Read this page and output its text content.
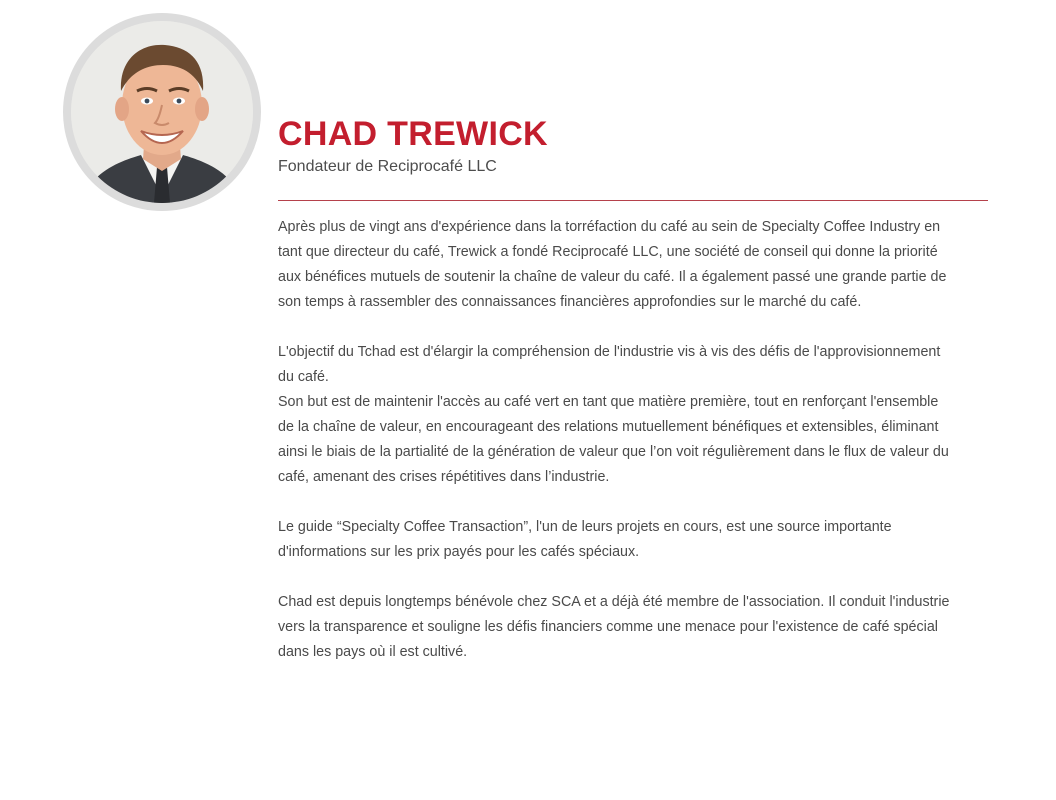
CHAD TREWICK

Fondateur de Reciprocafé LLC

Après plus de vingt ans d'expérience dans la torréfaction du café au sein de Specialty Coffee Industry en tant que directeur du café, Trewick a fondé Reciprocafé LLC, une société de conseil qui donne la priorité aux bénéfices mutuels de soutenir la chaîne de valeur du café. Il a également passé une grande partie de son temps à rassembler des connaissances financières approfondies sur le marché du café.

L'objectif du Tchad est d'élargir la compréhension de l'industrie vis à vis des défis de l'approvisionnement du café.

Son but est de maintenir l'accès au café vert en tant que matière première, tout en renforçant l'ensemble de la chaîne de valeur, en encourageant des relations mutuellement bénéfiques et extensibles, éliminant ainsi le biais de la partialité de la génération de valeur que l’on voit régulièrement dans le flux de valeur du café, amenant des crises répétitives dans l’industrie.

Le guide “Specialty Coffee Transaction”, l'un de leurs projets en cours, est une source importante d'informations sur les prix payés pour les cafés spéciaux.

Chad est depuis longtemps bénévole chez SCA et a déjà été membre de l'association. Il conduit l'industrie vers la transparence et souligne les défis financiers comme une menace pour l'existence de café spécial dans les pays où il est cultivé.
